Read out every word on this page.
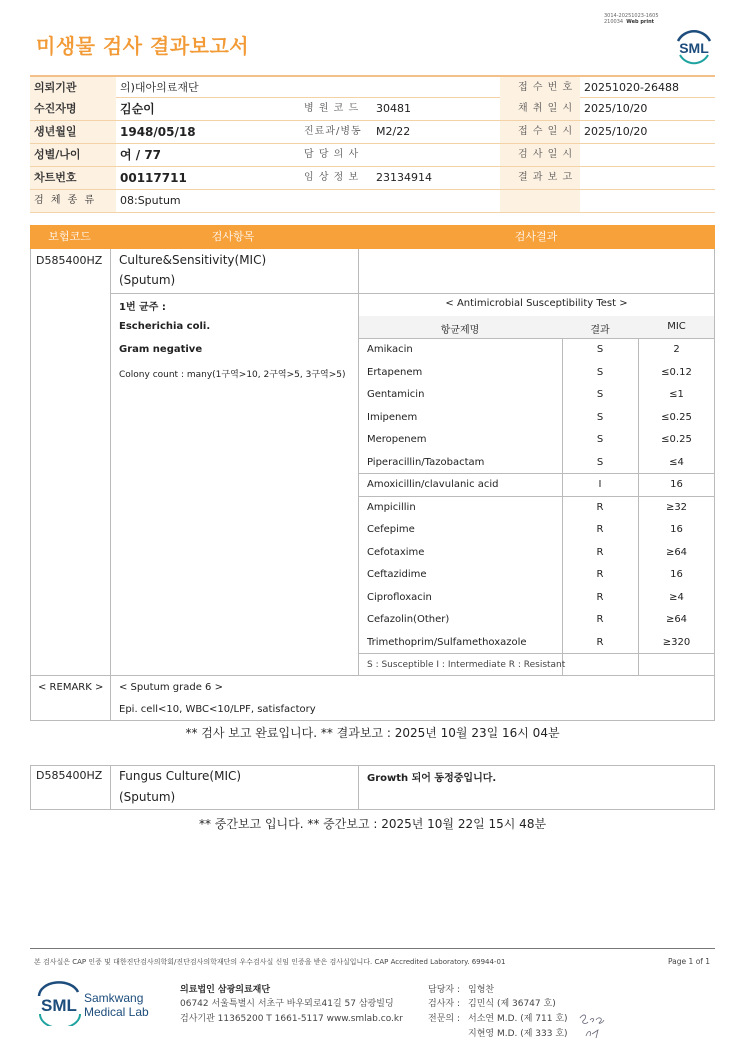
3014-20251023-1605
210034 Web print
미생물 검사 결과보고서	SML
의뢰기관	의)대아의료재단	접 수 번 호 20251020-26488
수진자명	김순이	병 원 코 드	30481	채 취 일 시 2025/10/20
생년월일	1948/05/18	진료과/병동	M2/22	접 수 일 시 2025/10/20
성별/나이	여 / 77	담 당 의 사	검 사 일 시
차트번호	00117711	임 상 정 보	23134914	결 과 보 고
검 체 종 류	08:Sputum
보험코드	검사항목	검사결과
D585400HZ Culture&Sensitivity(MIC)
(Sputum)
1번 균주 :
Escherichia coli.
Gram negative
Colony count : many(1구역>10, 2구역>5, 3구역>5)
< Antimicrobial Susceptibility Test >
항균제명	결과	MIC
Amikacin	S	2
Ertapenem	S	≤0.12
Gentamicin	S	≤1
Imipenem	S	≤0.25
Meropenem	S	≤0.25
Piperacillin/Tazobactam	S	≤4
Amoxicillin/clavulanic acid	I	16
Ampicillin	R	≥32
Cefepime	R	16
Cefotaxime	R	≥64
Ceftazidime	R	16
Ciprofloxacin	R	≥4
Cefazolin(Other)	R	≥64
Trimethoprim/Sulfamethoxazole	R	≥320
S : Susceptible I : Intermediate R : Resistant
< REMARK > < Sputum grade 6 >
Epi. cell<10, WBC<10/LPF, satisfactory
** 검사 보고 완료입니다. ** 결과보고 : 2025년 10월 23일 16시 04분
D585400HZ Fungus Culture(MIC)
(Sputum)
Growth 되어 동정중입니다.
** 중간보고 입니다. ** 중간보고 : 2025년 10월 22일 15시 48분
본 검사실은 CAP 인증 및 대한진단검사의학회/진단검사의학재단의 우수검사실 신임 인증을 받은 검사실입니다. CAP Accredited Laboratory. 69944-01	Page 1 of 1
SML Samkwang
Medical Lab
의료법인 삼광의료재단
06742 서울특별시 서초구 바우뫼로41길 57 삼광빌딩
검사기관 11365200 T 1661-5117 www.smlab.co.kr
담당자 : 임형찬
검사자 : 김민식 (제 36747 호)
전문의 : 서소연 M.D. (제 711 호)
지현영 M.D. (제 333 호)
